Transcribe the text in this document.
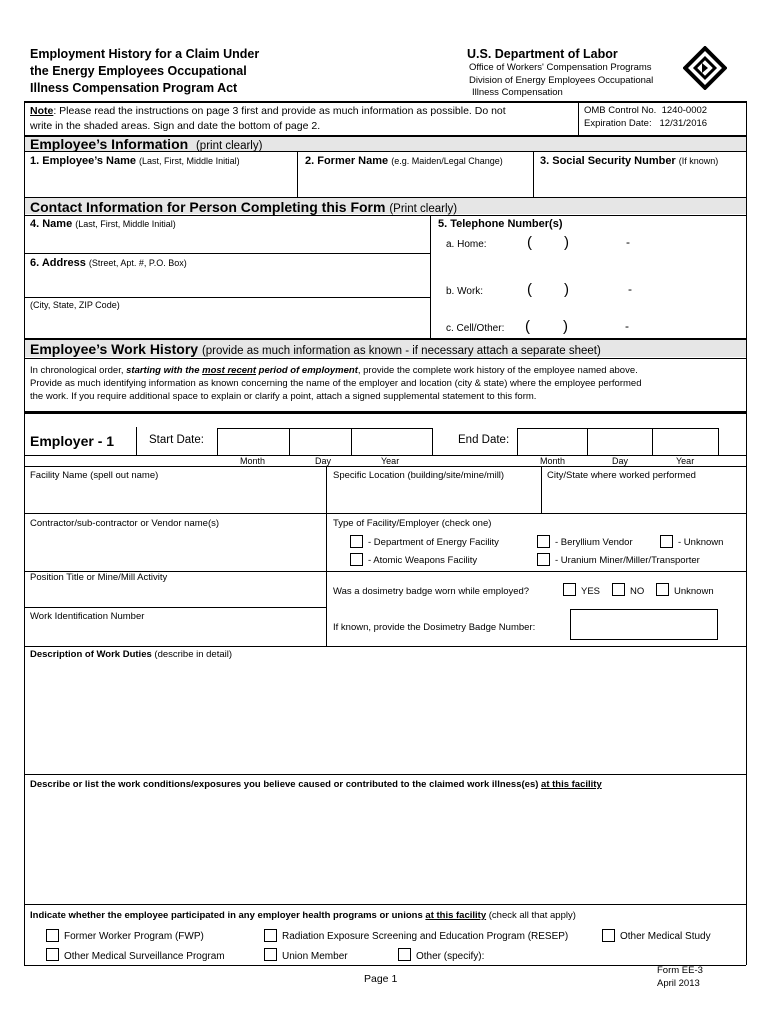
Employment History for a Claim Under
the Energy Employees Occupational
Illness Compensation Program Act
U.S. Department of Labor
Office of Workers' Compensation Programs
Division of Energy Employees Occupational
Illness Compensation
Note: Please read the instructions on page 3 first and provide as much information as possible. Do not
write in the shaded areas. Sign and date the bottom of page 2.
OMB Control No. 1240-0002
Expiration Date: 12/31/2016
Employee’s Information (print clearly)
1. Employee’s Name (Last, First, Middle Initial)	2. Former Name (e.g. Maiden/Legal Change)	3. Social Security Number (If known)
Contact Information for Person Completing this Form (Print clearly)
4. Name (Last, First, Middle Initial)	5. Telephone Number(s)
a. Home:	( )	-
6. Address (Street, Apt. #, P.O. Box)
b. Work:	( )	-
(City, State, ZIP Code)
c. Cell/Other: ( )	-
Employee’s Work History (provide as much information as known - if necessary attach a separate sheet)
In chronological order, starting with the most recent period of employment, provide the complete work history of the employee named above.
Provide as much identifying information as known concerning the name of the employer and location (city & state) where the employee performed
the work. If you require additional space to explain or clarify a point, attach a signed supplemental statement to this form.
Employer - 1	Start Date:	End Date:
Month	Day	Year	Month	Day	Year
Facility Name (spell out name)	Specific Location (building/site/mine/mill)	City/State where worked performed
Contractor/sub-contractor or Vendor name(s)	Type of Facility/Employer (check one)
- Department of Energy Facility	- Beryllium Vendor	- Unknown
- Atomic Weapons Facility	- Uranium Miner/Miller/Transporter
Position Title or Mine/Mill Activity
Was a dosimetry badge worn while employed?	YES	NO	Unknown
Work Identification Number
If known, provide the Dosimetry Badge Number:
Description of Work Duties (describe in detail)
Describe or list the work conditions/exposures you believe caused or contributed to the claimed work illness(es) at this facility
Indicate whether the employee participated in any employer health programs or unions at this facility (check all that apply)
Former Worker Program (FWP)	Radiation Exposure Screening and Education Program (RESEP)	Other Medical Study
Other Medical Surveillance Program	Union Member	Other (specify):
Page 1
Form EE-3
April 2013
